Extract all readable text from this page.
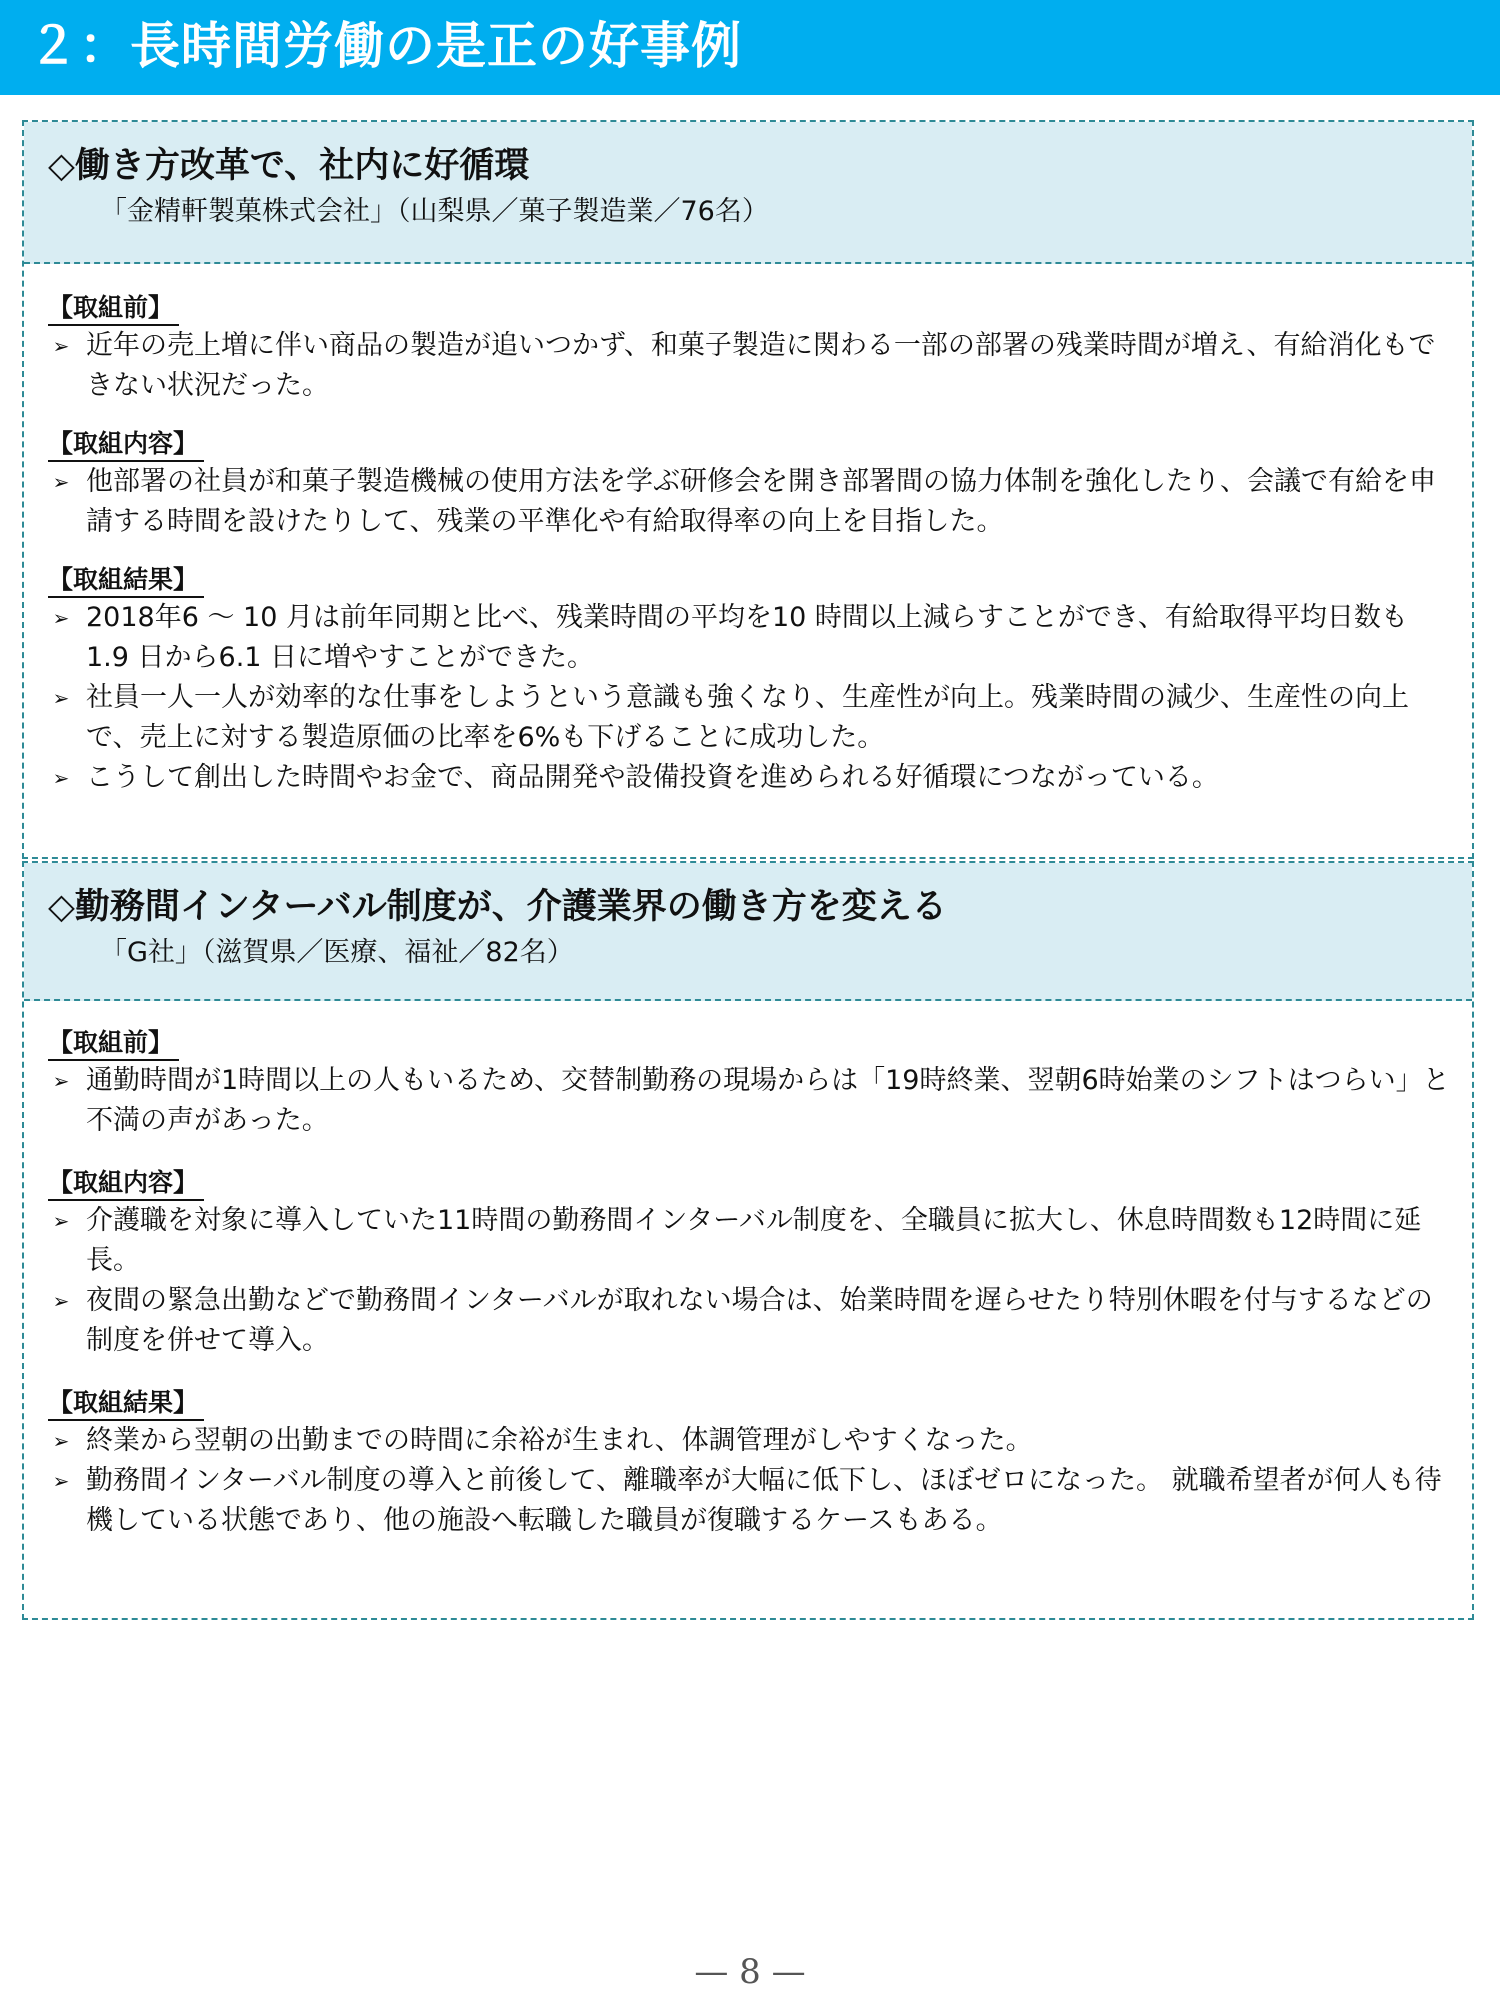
２：長時間労働の是正の好事例
◇働き方改革で、社内に好循環
「金精軒製菓株式会社」（山梨県／菓子製造業／76名）
【取組前】
➢ 近年の売上増に伴い商品の製造が追いつかず、和菓子製造に関わる一部の部署の残業時間が増え、有給消化もできない状況だった。
【取組内容】
➢ 他部署の社員が和菓子製造機械の使用方法を学ぶ研修会を開き部署間の協力体制を強化したり、会議で有給を申請する時間を設けたりして、残業の平準化や有給取得率の向上を目指した。
【取組結果】
➢ 2018年6 ～ 10 月は前年同期と比べ、残業時間の平均を10 時間以上減らすことができ、有給取得平均日数も1.9 日から6.1 日に増やすことができた。
➢ 社員一人一人が効率的な仕事をしようという意識も強くなり、生産性が向上。残業時間の減少、生産性の向上で、売上に対する製造原価の比率を6%も下げることに成功した。
➢ こうして創出した時間やお金で、商品開発や設備投資を進められる好循環につながっている。
◇勤務間インターバル制度が、介護業界の働き方を変える
「G社」（滋賀県／医療、福祉／82名）
【取組前】
➢ 通勤時間が1時間以上の人もいるため、交替制勤務の現場からは「19時終業、翌朝6時始業のシフトはつらい」と不満の声があった。
【取組内容】
➢ 介護職を対象に導入していた11時間の勤務間インターバル制度を、全職員に拡大し、休息時間数も12時間に延長。
➢ 夜間の緊急出勤などで勤務間インターバルが取れない場合は、始業時間を遅らせたり特別休暇を付与するなどの制度を併せて導入。
【取組結果】
➢ 終業から翌朝の出勤までの時間に余裕が生まれ、体調管理がしやすくなった。
➢ 勤務間インターバル制度の導入と前後して、離職率が大幅に低下し、ほぼゼロになった。 就職希望者が何人も待機している状態であり、他の施設へ転職した職員が復職するケースもある。
— 8 —
